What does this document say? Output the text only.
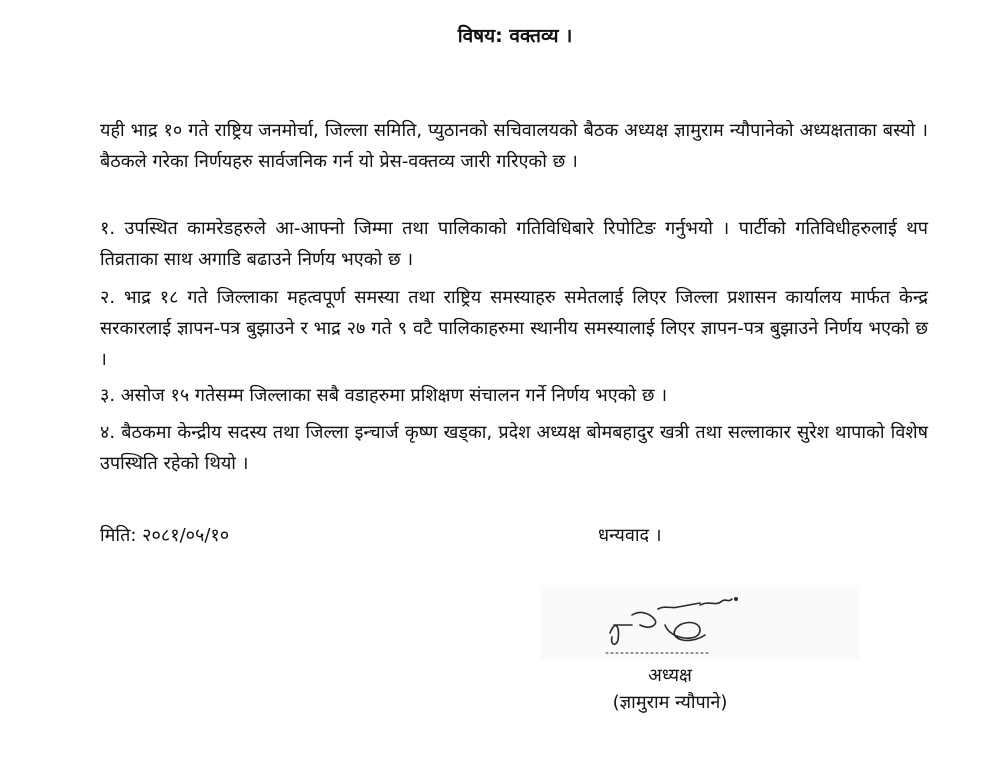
विषय: वक्तव्य ।

यही भाद्र १० गते राष्ट्रिय जनमोर्चा, जिल्ला समिति, प्युठानको सचिवालयको बैठक अध्यक्ष ज्ञामुराम न्यौपानेको अध्यक्षताका बस्यो । बैठकले गरेका निर्णयहरु सार्वजनिक गर्न यो प्रेस-वक्तव्य जारी गरिएको छ ।

१. उपस्थित कामरेडहरुले आ-आफ्नो जिम्मा तथा पालिकाको गतिविधिबारे रिपोटिङ गर्नुभयो । पार्टीको गतिविधीहरुलाई थप तिव्रताका साथ अगाडि बढाउने निर्णय भएको छ ।

२. भाद्र १८ गते जिल्लाका महत्वपूर्ण समस्या तथा राष्ट्रिय समस्याहरु समेतलाई लिएर जिल्ला प्रशासन कार्यालय मार्फत केन्द्र सरकारलाई ज्ञापन-पत्र बुझाउने र भाद्र २७ गते ९ वटै पालिकाहरुमा स्थानीय समस्यालाई लिएर ज्ञापन-पत्र बुझाउने निर्णय भएको छ ।

३. असोज १५ गतेसम्म जिल्लाका सबै वडाहरुमा प्रशिक्षण संचालन गर्ने निर्णय भएको छ ।

४. बैठकमा केन्द्रीय सदस्य तथा जिल्ला इन्चार्ज कृष्ण खड्का, प्रदेश अध्यक्ष बोमबहादुर खत्री तथा सल्लाकार सुरेश थापाको विशेष उपस्थिति रहेको थियो ।

मिति: २०८१/०५/१०	धन्यवाद ।
अध्यक्ष
(ज्ञामुराम न्यौपाने)
